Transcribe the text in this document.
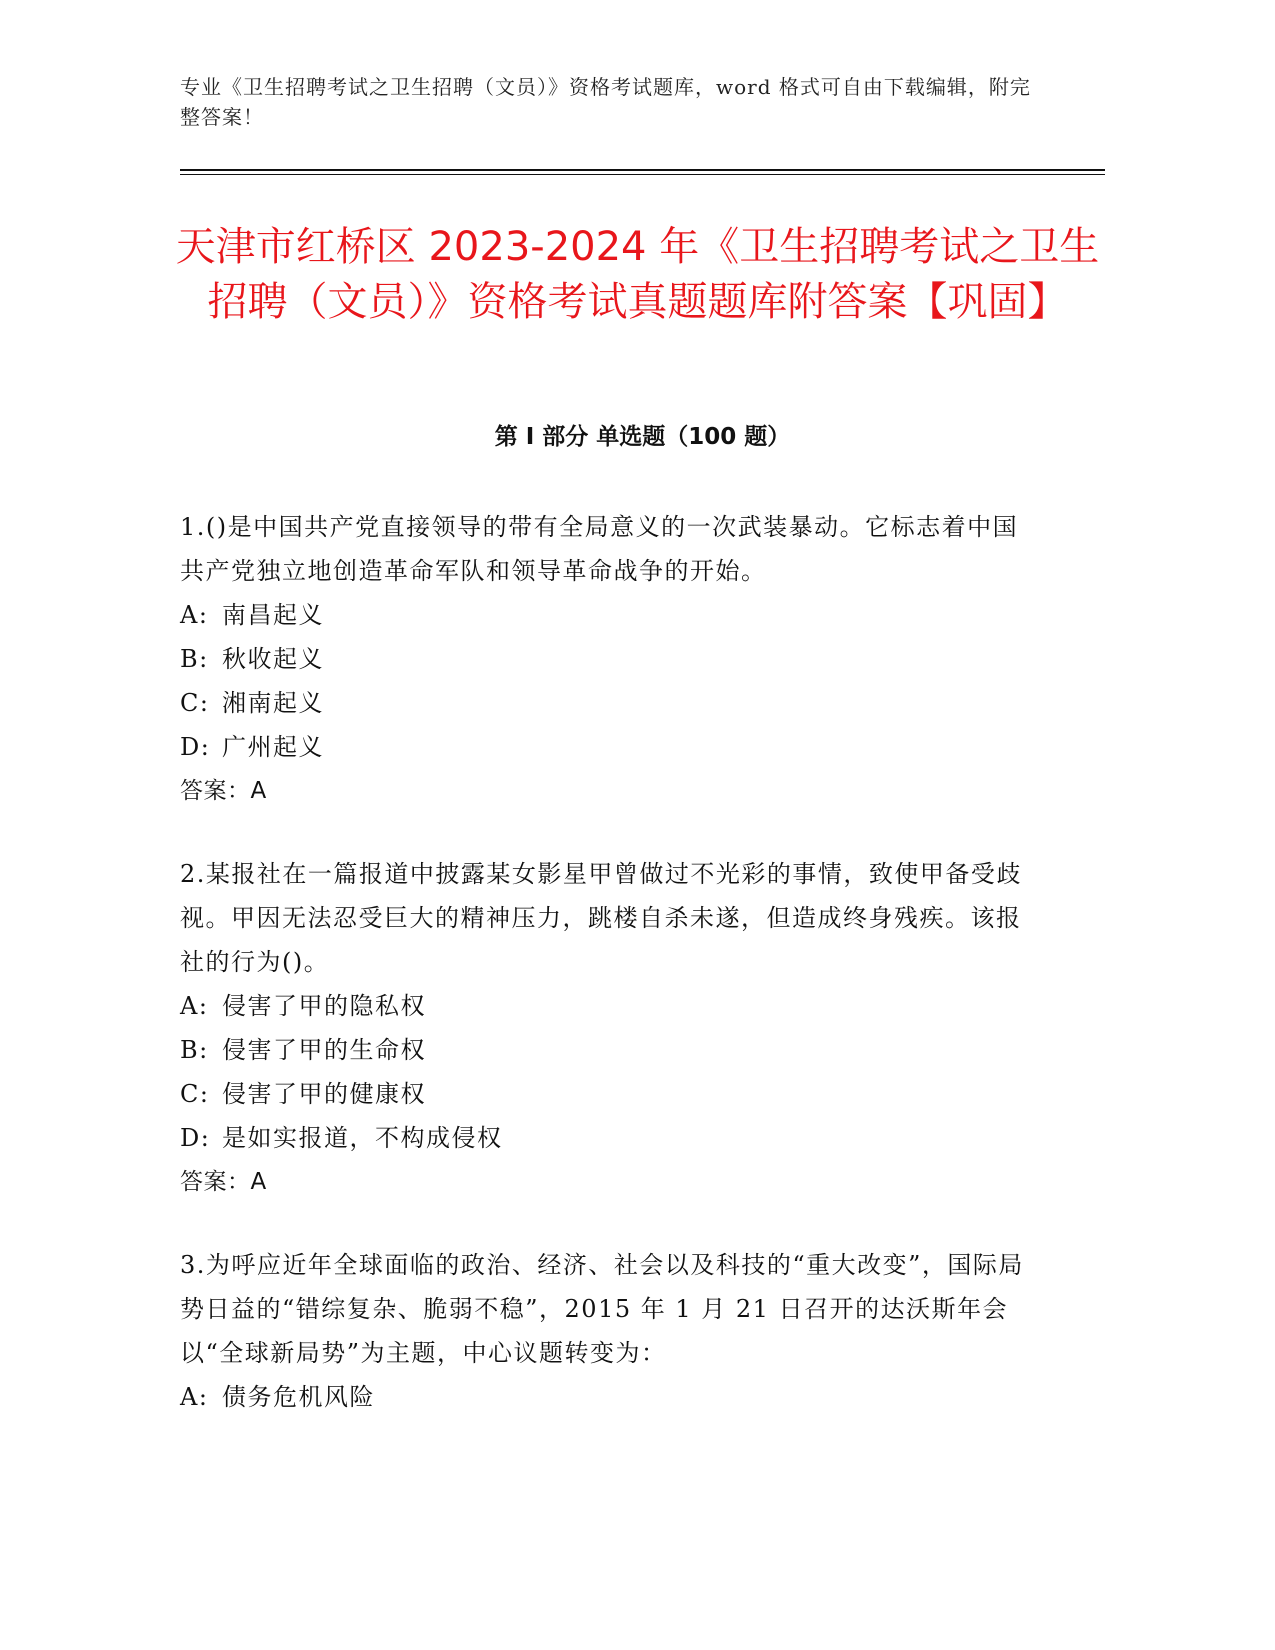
专业《卫生招聘考试之卫生招聘（文员）》资格考试题库，word 格式可自由下载编辑，附完整答案！
天津市红桥区 2023-2024 年《卫生招聘考试之卫生招聘（文员）》资格考试真题题库附答案【巩固】
第 I 部分 单选题（100 题）

1.()是中国共产党直接领导的带有全局意义的一次武装暴动。它标志着中国共产党独立地创造革命军队和领导革命战争的开始。

A: 南昌起义

B: 秋收起义

C: 湘南起义

D: 广州起义

答案：A

2.某报社在一篇报道中披露某女影星甲曾做过不光彩的事情，致使甲备受歧视。甲因无法忍受巨大的精神压力，跳楼自杀未遂，但造成终身残疾。该报社的行为()。

A: 侵害了甲的隐私权

B: 侵害了甲的生命权

C: 侵害了甲的健康权

D: 是如实报道，不构成侵权

答案：A

3.为呼应近年全球面临的政治、经济、社会以及科技的“重大改变”，国际局势日益的“错综复杂、脆弱不稳”，2015 年 1 月 21 日召开的达沃斯年会以“全球新局势”为主题，中心议题转变为：

A: 债务危机风险
